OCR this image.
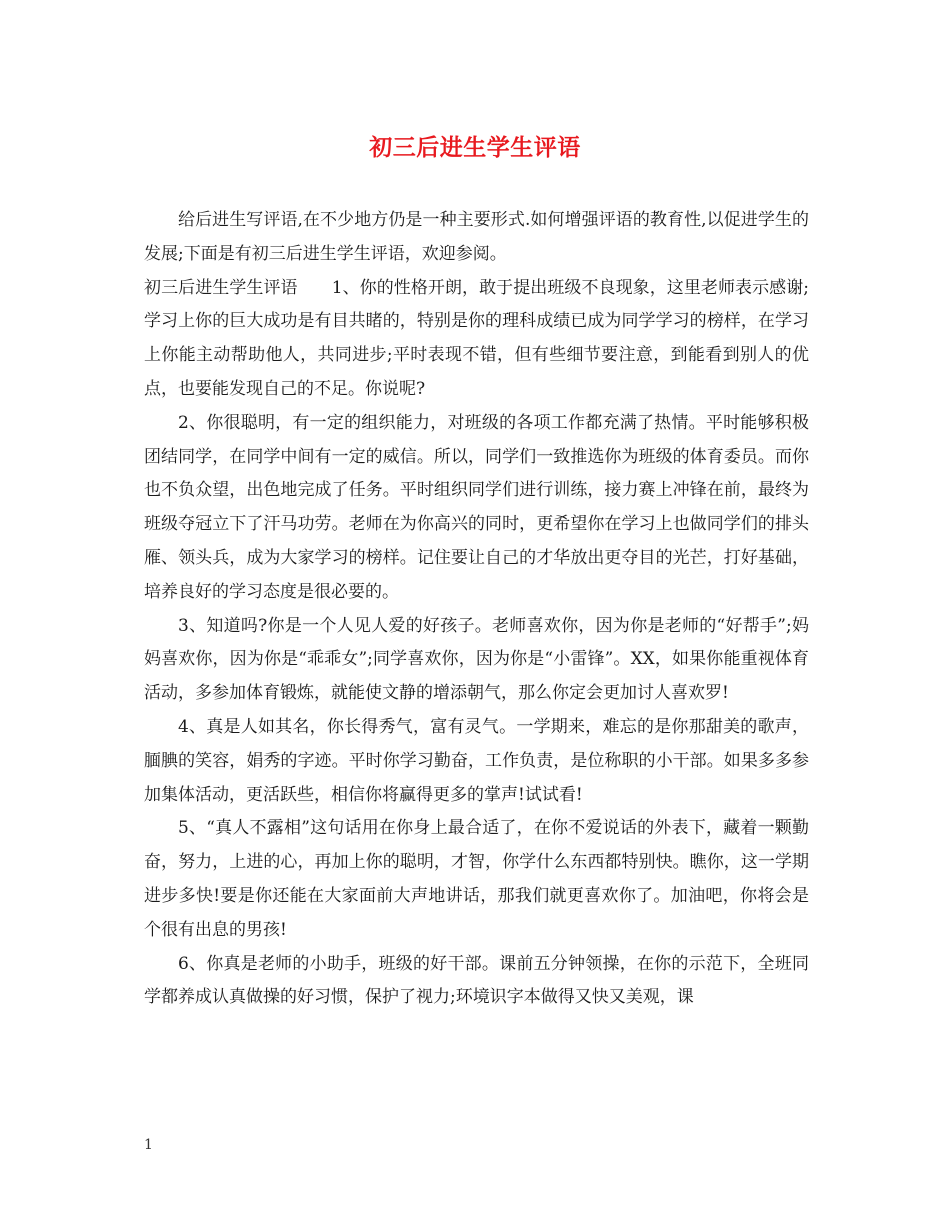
初三后进生学生评语

给后进生写评语,在不少地方仍是一种主要形式.如何增强评语的教育性,以促进学生的发展;下面是有初三后进生学生评语，欢迎参阅。

初三后进生学生评语　　1、你的性格开朗，敢于提出班级不良现象，这里老师表示感谢;学习上你的巨大成功是有目共睹的，特别是你的理科成绩已成为同学学习的榜样，在学习上你能主动帮助他人，共同进步;平时表现不错，但有些细节要注意，到能看到别人的优点，也要能发现自己的不足。你说呢?

2、你很聪明，有一定的组织能力，对班级的各项工作都充满了热情。平时能够积极团结同学，在同学中间有一定的威信。所以，同学们一致推选你为班级的体育委员。而你也不负众望，出色地完成了任务。平时组织同学们进行训练，接力赛上冲锋在前，最终为班级夺冠立下了汗马功劳。老师在为你高兴的同时，更希望你在学习上也做同学们的排头雁、领头兵，成为大家学习的榜样。记住要让自己的才华放出更夺目的光芒，打好基础，培养良好的学习态度是很必要的。

3、知道吗?你是一个人见人爱的好孩子。老师喜欢你，因为你是老师的“好帮手”;妈妈喜欢你，因为你是“乖乖女”;同学喜欢你，因为你是“小雷锋”。XX，如果你能重视体育活动，多参加体育锻炼，就能使文静的增添朝气，那么你定会更加讨人喜欢罗!

4、真是人如其名，你长得秀气，富有灵气。一学期来，难忘的是你那甜美的歌声，腼腆的笑容，娟秀的字迹。平时你学习勤奋，工作负责，是位称职的小干部。如果多多参加集体活动，更活跃些，相信你将赢得更多的掌声!试试看!

5、“真人不露相”这句话用在你身上最合适了，在你不爱说话的外表下，藏着一颗勤奋，努力，上进的心，再加上你的聪明，才智，你学什么东西都特别快。瞧你，这一学期进步多快!要是你还能在大家面前大声地讲话，那我们就更喜欢你了。加油吧，你将会是个很有出息的男孩!

6、你真是老师的小助手，班级的好干部。课前五分钟领操，在你的示范下，全班同学都养成认真做操的好习惯，保护了视力;环境识字本做得又快又美观，课

1
